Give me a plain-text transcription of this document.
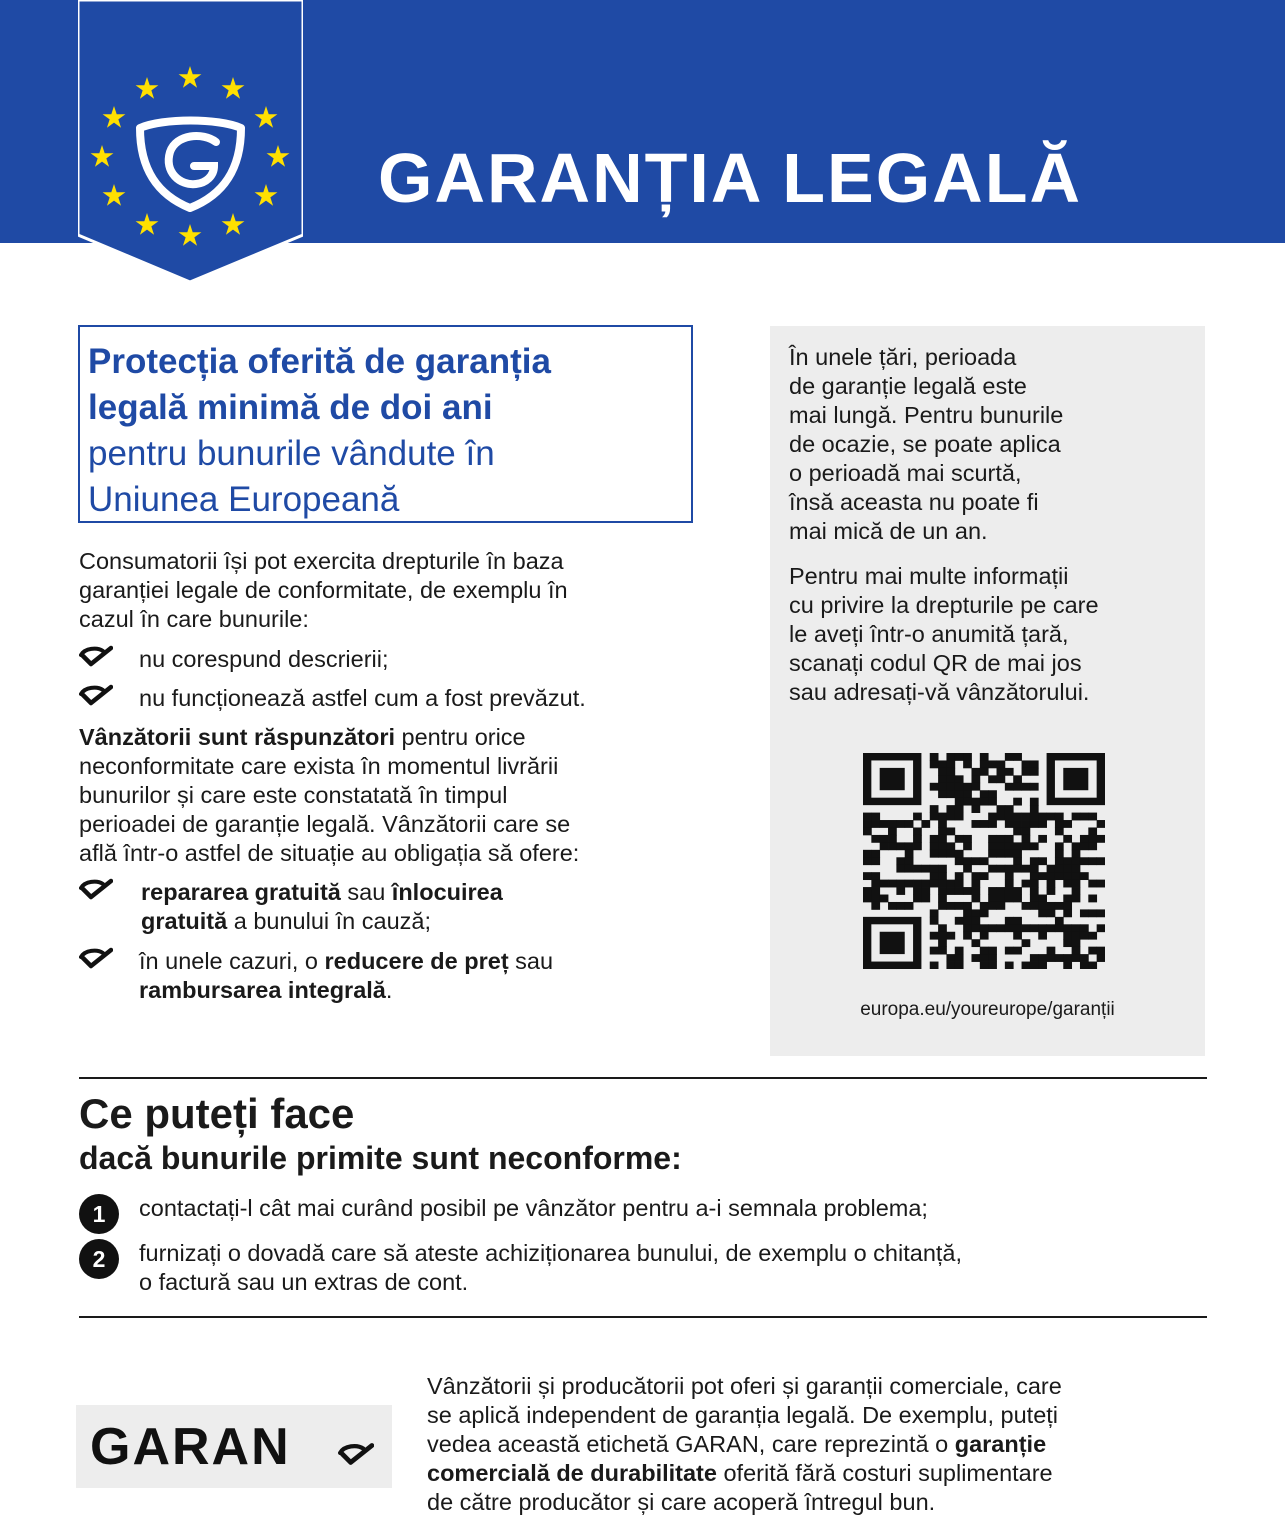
GARANȚIA LEGALĂ
Protecția oferită de garanția
legală minimă de doi ani
pentru bunurile vândute în
Uniunea Europeană
Consumatorii își pot exercita drepturile în baza
garanției legale de conformitate, de exemplu în
cazul în care bunurile:
nu corespund descrierii;
nu funcționează astfel cum a fost prevăzut.
Vânzătorii sunt răspunzători pentru orice
neconformitate care exista în momentul livrării
bunurilor și care este constatată în timpul
perioadei de garanție legală. Vânzătorii care se
află într-o astfel de situație au obligația să ofere:
repararea gratuită sau înlocuirea
gratuită a bunului în cauză;
în unele cazuri, o reducere de preț sau
rambursarea integrală.
În unele țări, perioada
de garanție legală este
mai lungă. Pentru bunurile
de ocazie, se poate aplica
o perioadă mai scurtă,
însă aceasta nu poate fi
mai mică de un an.
Pentru mai multe informații
cu privire la drepturile pe care
le aveți într-o anumită țară,
scanați codul QR de mai jos
sau adresați-vă vânzătorului.
europa.eu/youreurope/garanții
Ce puteți face
dacă bunurile primite sunt neconforme:
1	contactați-l cât mai curând posibil pe vânzător pentru a-i semnala problema;
2	furnizați o dovadă care să ateste achiziționarea bunului, de exemplu o chitanță,
o factură sau un extras de cont.
GARAN
Vânzătorii și producătorii pot oferi și garanții comerciale, care
se aplică independent de garanția legală. De exemplu, puteți
vedea această etichetă GARAN, care reprezintă o garanție
comercială de durabilitate oferită fără costuri suplimentare
de către producător și care acoperă întregul bun.
